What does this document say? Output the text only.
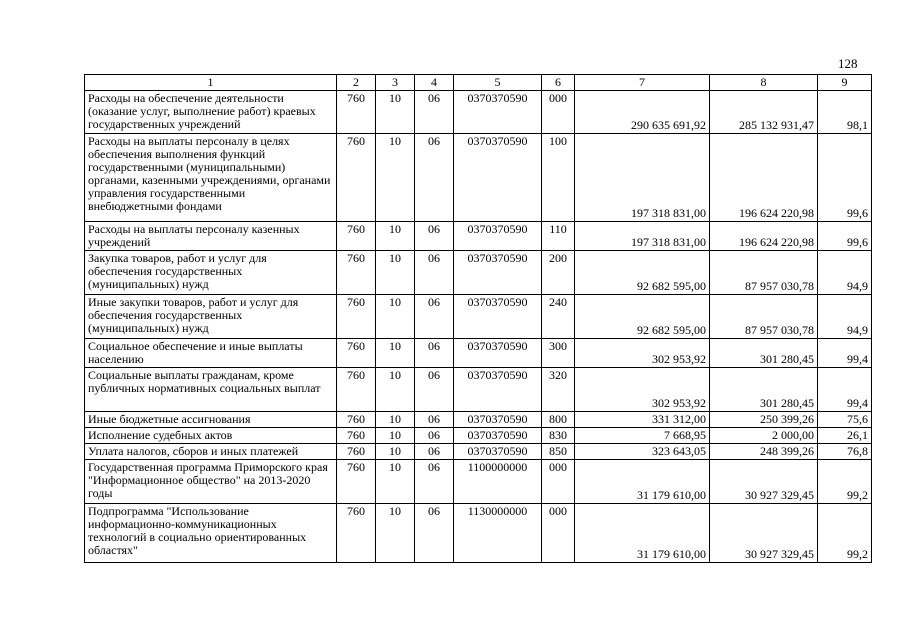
128
1	2	3	4	5	6	7	8	9
Расходы на обеспечение деятельности (оказание услуг, выполнение работ) краевых государственных учреждений	760	10	06	0370370590	000	290 635 691,92	285 132 931,47	98,1
Расходы на выплаты персоналу в целях обеспечения выполнения функций государственными (муниципальными) органами, казенными учреждениями, органами управления государственными внебюджетными фондами	760	10	06	0370370590	100	197 318 831,00	196 624 220,98	99,6
Расходы на выплаты персоналу казенных учреждений	760	10	06	0370370590	110	197 318 831,00	196 624 220,98	99,6
Закупка товаров, работ и услуг для обеспечения государственных (муниципальных) нужд	760	10	06	0370370590	200	92 682 595,00	87 957 030,78	94,9
Иные закупки товаров, работ и услуг для обеспечения государственных (муниципальных) нужд	760	10	06	0370370590	240	92 682 595,00	87 957 030,78	94,9
Социальное обеспечение и иные выплаты населению	760	10	06	0370370590	300	302 953,92	301 280,45	99,4
Социальные выплаты гражданам, кроме публичных нормативных социальных выплат	760	10	06	0370370590	320	302 953,92	301 280,45	99,4
Иные бюджетные ассигнования	760	10	06	0370370590	800	331 312,00	250 399,26	75,6
Исполнение судебных актов	760	10	06	0370370590	830	7 668,95	2 000,00	26,1
Уплата налогов, сборов и иных платежей	760	10	06	0370370590	850	323 643,05	248 399,26	76,8
Государственная программа Приморского края "Информационное общество" на 2013-2020 годы	760	10	06	1100000000	000	31 179 610,00	30 927 329,45	99,2
Подпрограмма "Использование информационно-коммуникационных технологий в социально ориентированных областях"	760	10	06	1130000000	000	31 179 610,00	30 927 329,45	99,2
